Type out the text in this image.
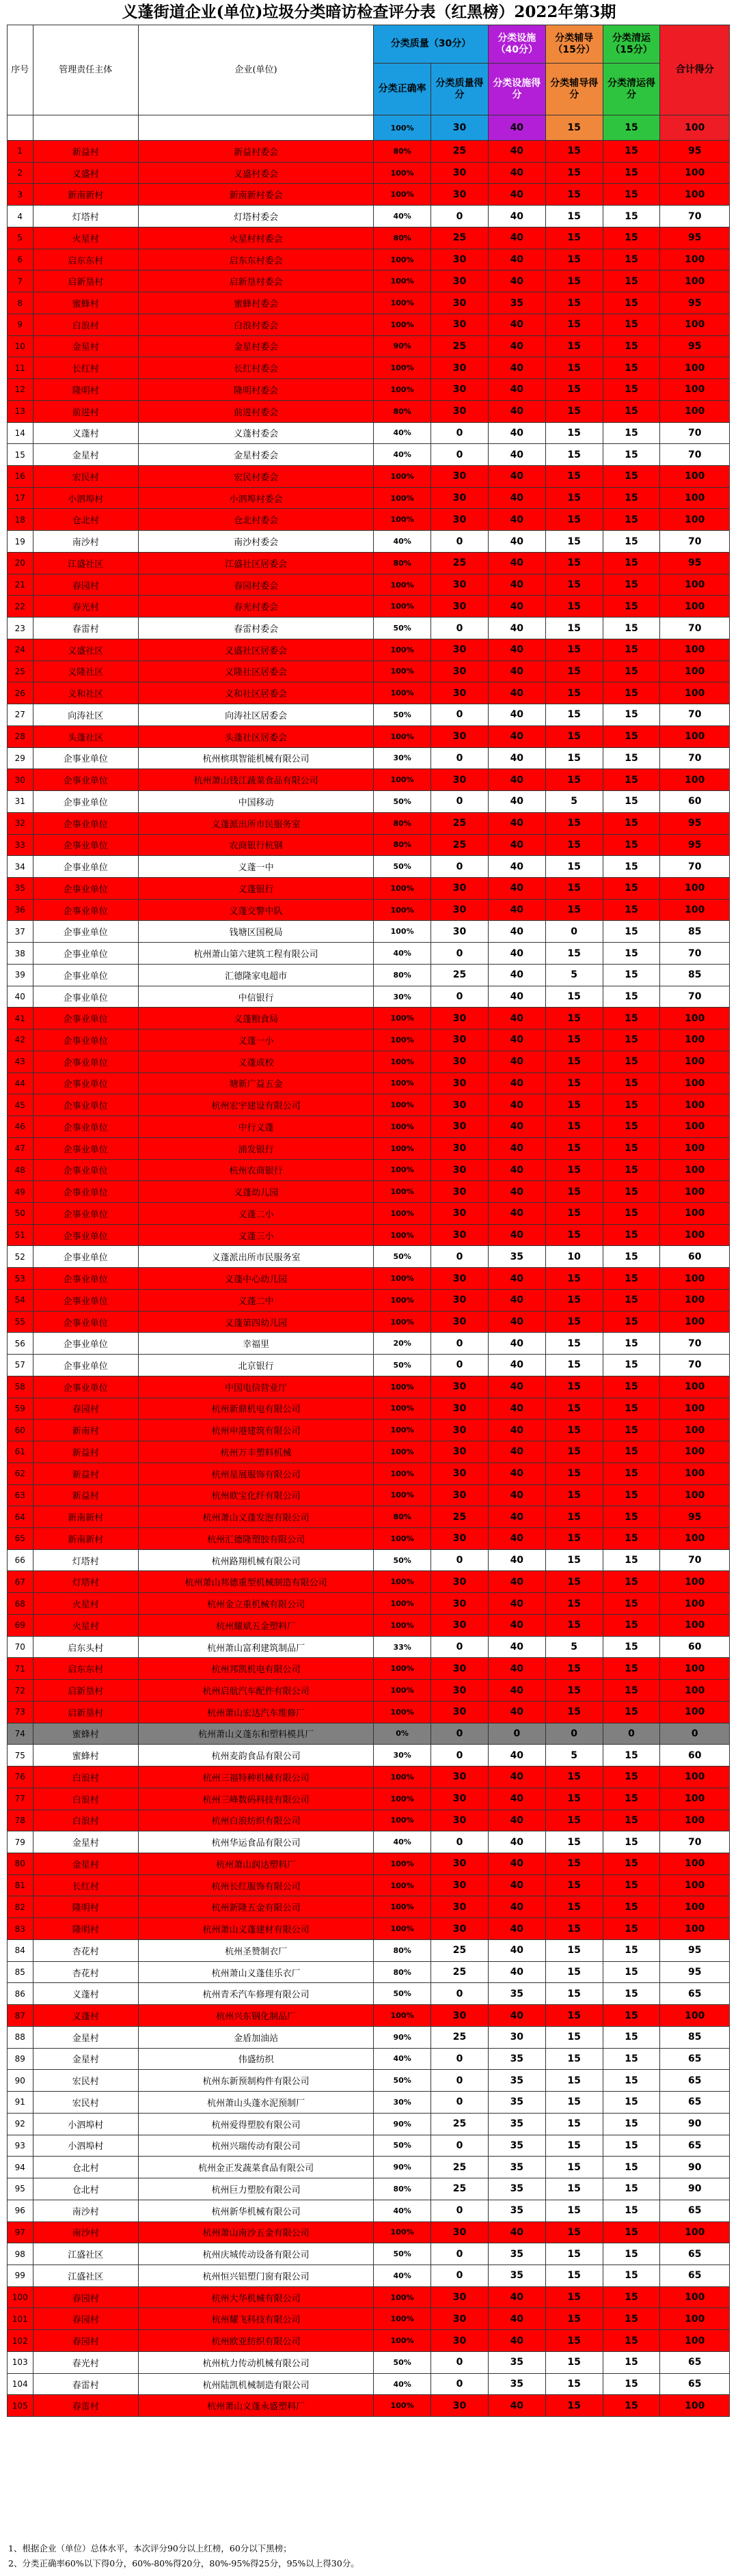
义蓬街道企业(单位)垃圾分类暗访检查评分表（红黑榜）2022年第3期
序号	管理责任主体	企业(单位)	分类质量（30分）		分类设施（40分）	分类辅导（15分）	分类清运（15分）	合计得分
			分类正确率	分类质量得分	分类设施得分	分类辅导得分	分类清运得分	
			100%	30	40	15	15	100
1	新益村	新益村委会	80%	25	40	15	15	95
2	义盛村	义盛村委会	100%	30	40	15	15	100
3	新南新村	新南新村委会	100%	30	40	15	15	100
4	灯塔村	灯塔村委会	40%	0	40	15	15	70
5	火星村	火星村村委会	80%	25	40	15	15	95
6	启东东村	启东东村委会	100%	30	40	15	15	100
7	启新垦村	启新垦村委会	100%	30	40	15	15	100
8	蜜蜂村	蜜蜂村委会	100%	30	35	15	15	95
9	白浪村	白浪村委会	100%	30	40	15	15	100
10	金星村	金星村委会	90%	25	40	15	15	95
11	长红村	长红村委会	100%	30	40	15	15	100
12	隆明村	隆明村委会	100%	30	40	15	15	100
13	前进村	前进村委会	80%	30	40	15	15	100
14	义蓬村	义蓬村委会	40%	0	40	15	15	70
15	金星村	金星村委会	40%	0	40	15	15	70
16	宏民村	宏民村委会	100%	30	40	15	15	100
17	小泗埠村	小泗埠村委会	100%	30	40	15	15	100
18	仓北村	仓北村委会	100%	30	40	15	15	100
19	南沙村	南沙村委会	40%	0	40	15	15	70
20	江盛社区	江盛社区居委会	80%	25	40	15	15	95
21	春园村	春园村委会	100%	30	40	15	15	100
22	春光村	春光村委会	100%	30	40	15	15	100
23	春雷村	春雷村委会	50%	0	40	15	15	70
24	义盛社区	义盛社区居委会	100%	30	40	15	15	100
25	义隆社区	义隆社区居委会	100%	30	40	15	15	100
26	义和社区	义和社区居委会	100%	30	40	15	15	100
27	向涛社区	向涛社区居委会	50%	0	40	15	15	70
28	头蓬社区	头蓬社区居委会	100%	30	40	15	15	100
29	企事业单位	杭州槟琪智能机械有限公司	30%	0	40	15	15	70
30	企事业单位	杭州萧山钱江蔬菜食品有限公司	100%	30	40	15	15	100
31	企事业单位	中国移动	50%	0	40	5	15	60
32	企事业单位	义蓬派出所市民服务室	80%	25	40	15	15	95
33	企事业单位	农商银行杭钢	80%	25	40	15	15	95
34	企事业单位	义蓬一中	50%	0	40	15	15	70
35	企事业单位	义蓬银行	100%	30	40	15	15	100
36	企事业单位	义蓬交警中队	100%	30	40	15	15	100
37	企事业单位	钱塘区国税局	100%	30	40	0	15	85
38	企事业单位	杭州萧山第六建筑工程有限公司	40%	0	40	15	15	70
39	企事业单位	汇德隆家电超市	80%	25	40	5	15	85
40	企事业单位	中信银行	30%	0	40	15	15	70
41	企事业单位	义蓬粮食局	100%	30	40	15	15	100
42	企事业单位	义蓬一小	100%	30	40	15	15	100
43	企事业单位	义蓬成校	100%	30	40	15	15	100
44	企事业单位	塘新广益五金	100%	30	40	15	15	100
45	企事业单位	杭州宏宇建设有限公司	100%	30	40	15	15	100
46	企事业单位	中行义蓬	100%	30	40	15	15	100
47	企事业单位	浦发银行	100%	30	40	15	15	100
48	企事业单位	杭州农商银行	100%	30	40	15	15	100
49	企事业单位	义蓬幼儿园	100%	30	40	15	15	100
50	企事业单位	义蓬二小	100%	30	40	15	15	100
51	企事业单位	义蓬三小	100%	30	40	15	15	100
52	企事业单位	义蓬派出所市民服务室	50%	0	35	10	15	60
53	企事业单位	义蓬中心幼儿园	100%	30	40	15	15	100
54	企事业单位	义蓬二中	100%	30	40	15	15	100
55	企事业单位	义蓬第四幼儿园	100%	30	40	15	15	100
56	企事业单位	幸福里	20%	0	40	15	15	70
57	企事业单位	北京银行	50%	0	40	15	15	70
58	企事业单位	中国电信营业厅	100%	30	40	15	15	100
59	春园村	杭州新鼎机电有限公司	100%	30	40	15	15	100
60	新南村	杭州申港建筑有限公司	100%	30	40	15	15	100
61	新益村	杭州万丰塑料机械	100%	30	40	15	15	100
62	新益村	杭州星展服饰有限公司	100%	30	40	15	15	100
63	新益村	杭州欧宝化纤有限公司	100%	30	40	15	15	100
64	新南新村	杭州萧山义蓬发泡有限公司	80%	25	40	15	15	95
65	新南新村	杭州汇德隆塑胶有限公司	100%	30	40	15	15	100
66	灯塔村	杭州路翔机械有限公司	50%	0	40	15	15	70
67	灯塔村	杭州萧山邦德重型机械制造有限公司	100%	30	40	15	15	100
68	火星村	杭州金立重机械有限公司	100%	30	40	15	15	100
69	火星村	杭州耀斌五金塑料厂	100%	30	40	15	15	100
70	启东头村	杭州萧山富利建筑制品厂	33%	0	40	5	15	60
71	启东东村	杭州邦凯机电有限公司	100%	30	40	15	15	100
72	启新垦村	杭州启航汽车配件有限公司	100%	30	40	15	15	100
73	启新垦村	杭州萧山宏达汽车维修厂	100%	30	40	15	15	100
74	蜜蜂村	杭州萧山义蓬东和塑料模具厂	0%	0	0	0	0	0
75	蜜蜂村	杭州麦韵食品有限公司	30%	0	40	5	15	60
76	白浪村	杭州三福特种机械有限公司	100%	30	40	15	15	100
77	白浪村	杭州三峰数码科技有限公司	100%	30	40	15	15	100
78	白浪村	杭州白浪纺织有限公司	100%	30	40	15	15	100
79	金星村	杭州华运食品有限公司	40%	0	40	15	15	70
80	金星村	杭州萧山润达塑料厂	100%	30	40	15	15	100
81	长红村	杭州长红服饰有限公司	100%	30	40	15	15	100
82	隆明村	杭州新隆五金有限公司	100%	30	40	15	15	100
83	隆明村	杭州萧山义蓬建材有限公司	100%	30	40	15	15	100
84	杏花村	杭州圣赞制衣厂	80%	25	40	15	15	95
85	杏花村	杭州萧山义蓬佳乐衣厂	80%	25	40	15	15	95
86	义蓬村	杭州青禾汽车修理有限公司	50%	0	35	15	15	65
87	义蓬村	杭州兴东钢化制品厂	100%	30	40	15	15	100
88	金星村	金盾加油站	90%	25	30	15	15	85
89	金星村	伟盛纺织	40%	0	35	15	15	65
90	宏民村	杭州东新预制构件有限公司	50%	0	35	15	15	65
91	宏民村	杭州萧山头蓬水泥预制厂	30%	0	35	15	15	65
92	小泗埠村	杭州爱得塑胶有限公司	90%	25	35	15	15	90
93	小泗埠村	杭州兴瑞传动有限公司	50%	0	35	15	15	65
94	仓北村	杭州金正发蔬菜食品有限公司	90%	25	35	15	15	90
95	仓北村	杭州巨力塑胶有限公司	80%	25	35	15	15	90
96	南沙村	杭州新华机械有限公司	40%	0	35	15	15	65
97	南沙村	杭州萧山南沙五金有限公司	100%	30	40	15	15	100
98	江盛社区	杭州庆城传动设备有限公司	50%	0	35	15	15	65
99	江盛社区	杭州恒兴铝塑门窗有限公司	40%	0	35	15	15	65
100	春园村	杭州大华机械有限公司	100%	30	40	15	15	100
101	春园村	杭州耀飞科技有限公司	100%	30	40	15	15	100
102	春园村	杭州欧亚纺织有限公司	100%	30	40	15	15	100
103	春光村	杭州杭力传动机械有限公司	50%	0	35	15	15	65
104	春雷村	杭州陆凯机械制造有限公司	40%	0	35	15	15	65
105	春雷村	杭州萧山义蓬永盛塑料厂	100%	30	40	15	15	100
1、根据企业（单位）总体水平，本次评分90分以上红榜，60分以下黑榜；
2、分类正确率60%以下得0分，60%-80%得20分，80%-95%得25分，95%以上得30分。
